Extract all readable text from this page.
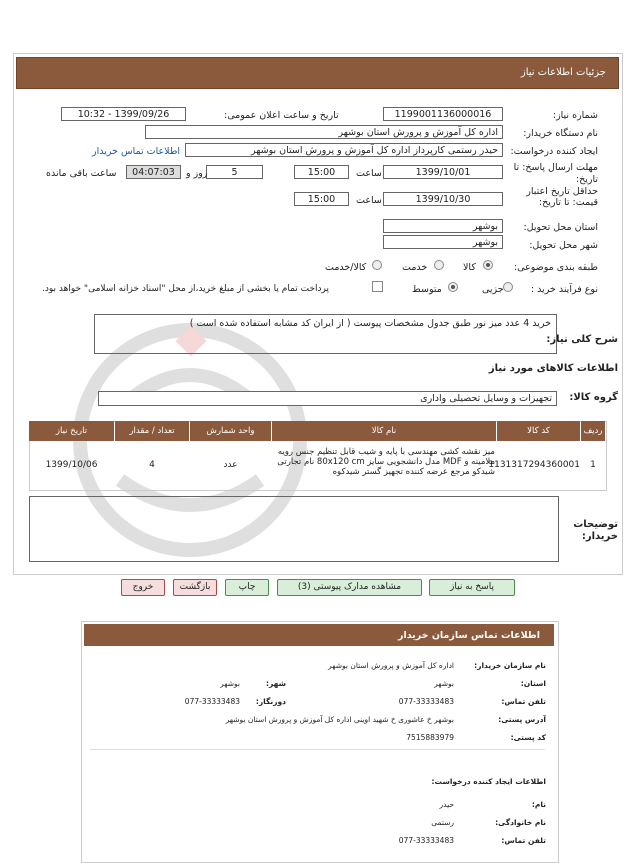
جزئیات اطلاعات نیاز
شماره نیاز:
1199001136000016
تاریخ و ساعت اعلان عمومی:
1399/09/26 - 10:32
نام دستگاه خریدار:
اداره کل آموزش و پرورش استان بوشهر
ایجاد کننده درخواست:
حیدر رستمی کارپرداز اداره کل آموزش و پرورش استان بوشهر
اطلاعات تماس خریدار
مهلت ارسال پاسخ: تا
تاریخ:
1399/10/01
ساعت
15:00
5
روز و
04:07:03
ساعت باقی مانده
حداقل تاریخ اعتبار
قیمت: تا تاریخ:
1399/10/30
ساعت
15:00
استان محل تحویل:
بوشهر
شهر محل تحویل:
بوشهر
طبقه بندی موضوعی:
کالا
خدمت
کالا/خدمت
نوع فرآیند خرید :
جزیی
متوسط
پرداخت تمام یا بخشی از مبلغ خرید،از محل "اسناد خزانه اسلامی" خواهد بود.
شرح کلی نیاز:
خرید 4 عدد میز نور طبق جدول مشخصات پیوست ( از ایران کد مشابه استفاده شده است )
اطلاعات کالاهای مورد نیاز
گروه کالا:
تجهیزات و وسایل تحصیلی واداری
ردیف
کد کالا
نام کالا
واحد شمارش
تعداد / مقدار
تاریخ نیاز
1
1131317294360001
میز نقشه کشی مهندسی با پایه و شیب قابل تنظیم جنس رویه ملامینه و MDF مدل دانشجویی سایز 80x120 cm نام تجارتی شیدکو مرجع عرضه کننده تجهیز گستر شیدکوه
عدد
4
1399/10/06
توضیحات
خریدار:
پاسخ به نیاز
مشاهده مدارک پیوستی (3)
چاپ
بازگشت
خروج
اطلاعات تماس سازمان خریدار
نام سازمان خریدار:
اداره کل آموزش و پرورش استان بوشهر
استان:
بوشهر
شهر:
بوشهر
تلفن تماس:
077-33333483
دورنگار:
077-33333483
آدرس پستی:
بوشهر خ عاشوری خ شهید اوینی اداره کل آموزش و پرورش استان بوشهر
کد پستی:
7515883979
اطلاعات ایجاد کننده درخواست:
نام:
حیدر
نام خانوادگی:
رستمی
تلفن تماس:
077-33333483
